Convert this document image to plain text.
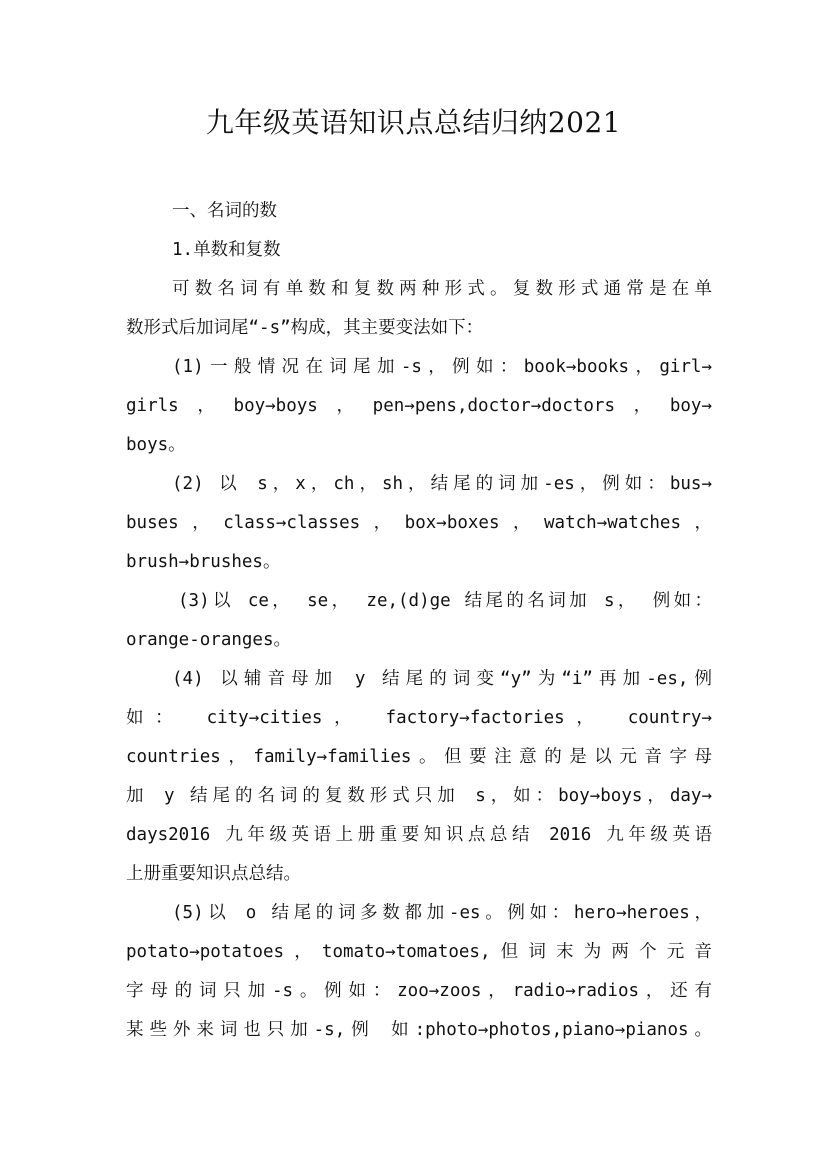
九年级英语知识点总结归纳2021
一、名词的数
1.单数和复数
可数名词有单数和复数两种形式。复数形式通常是在单
数形式后加词尾“-s”构成，其主要变法如下：
(1)一般情况在词尾加-s，例如：book→books，girl→
girls，boy→boys，pen→pens,doctor→doctors，boy→
boys。
(2) 以 s，x，ch，sh，结尾的词加-es，例如：bus→
buses，class→classes，box→boxes，watch→watches，
brush→brushes。
(3)以 ce， se， ze,(d)ge 结尾的名词加 s， 例如：
orange-oranges。
(4) 以辅音母加 y 结尾的词变“y”为“i”再加-es,例
如： city→cities， factory→factories， country→
countries，family→families。但要注意的是以元音字母
加 y 结尾的名词的复数形式只加 s，如：boy→boys，day→
days2016 九年级英语上册重要知识点总结 2016 九年级英语
上册重要知识点总结。
(5)以 o 结尾的词多数都加-es。例如：hero→heroes，
potato→potatoes，tomato→tomatoes,但词末为两个元音
字母的词只加-s。例如：zoo→zoos，radio→radios，还有
某些外来词也只加-s,例 如:photo→photos,piano→pianos。
